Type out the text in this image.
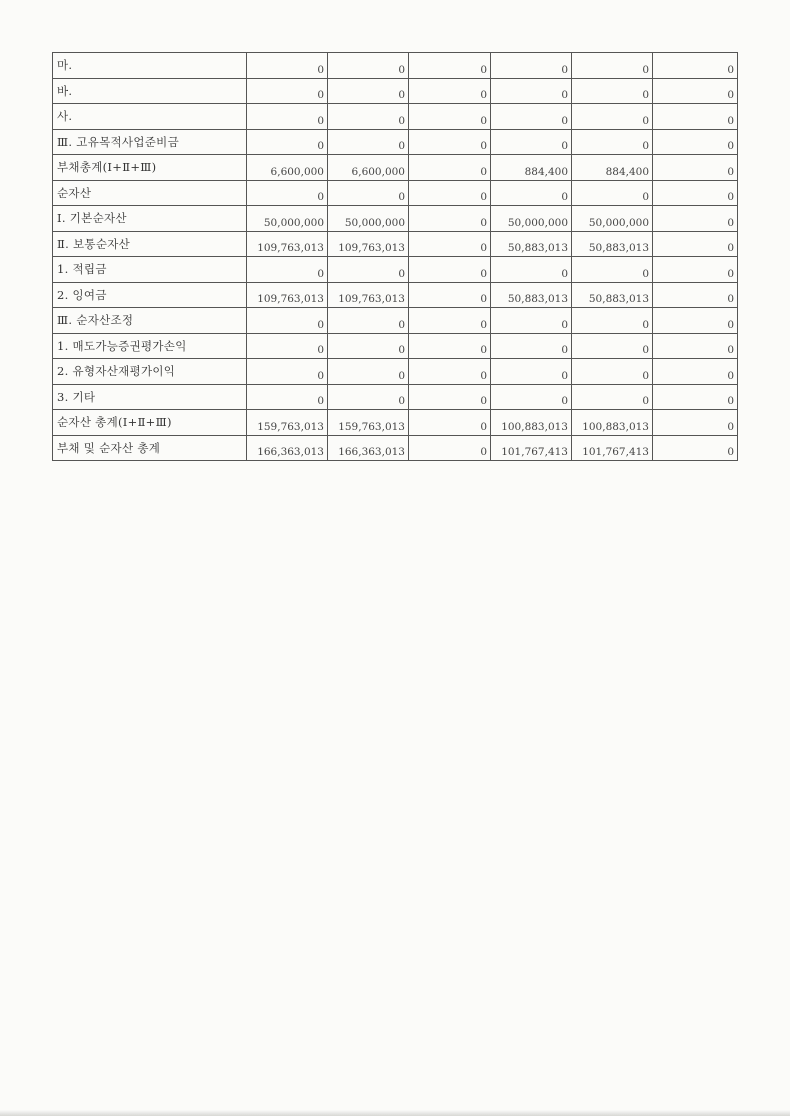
마.	0	0	0	0	0	0
바.	0	0	0	0	0	0
사.	0	0	0	0	0	0
Ⅲ. 고유목적사업준비금	0	0	0	0	0	0
부채총계(Ⅰ+Ⅱ+Ⅲ)	6,600,000	6,600,000	0	884,400	884,400	0
순자산	0	0	0	0	0	0
Ⅰ. 기본순자산	50,000,000	50,000,000	0	50,000,000	50,000,000	0
Ⅱ. 보통순자산	109,763,013	109,763,013	0	50,883,013	50,883,013	0
1. 적립금	0	0	0	0	0	0
2. 잉여금	109,763,013	109,763,013	0	50,883,013	50,883,013	0
Ⅲ. 순자산조정	0	0	0	0	0	0
1. 매도가능증권평가손익	0	0	0	0	0	0
2. 유형자산재평가이익	0	0	0	0	0	0
3. 기타	0	0	0	0	0	0
순자산 총계(Ⅰ+Ⅱ+Ⅲ)	159,763,013	159,763,013	0	100,883,013	100,883,013	0
부채 및 순자산 총계	166,363,013	166,363,013	0	101,767,413	101,767,413	0
